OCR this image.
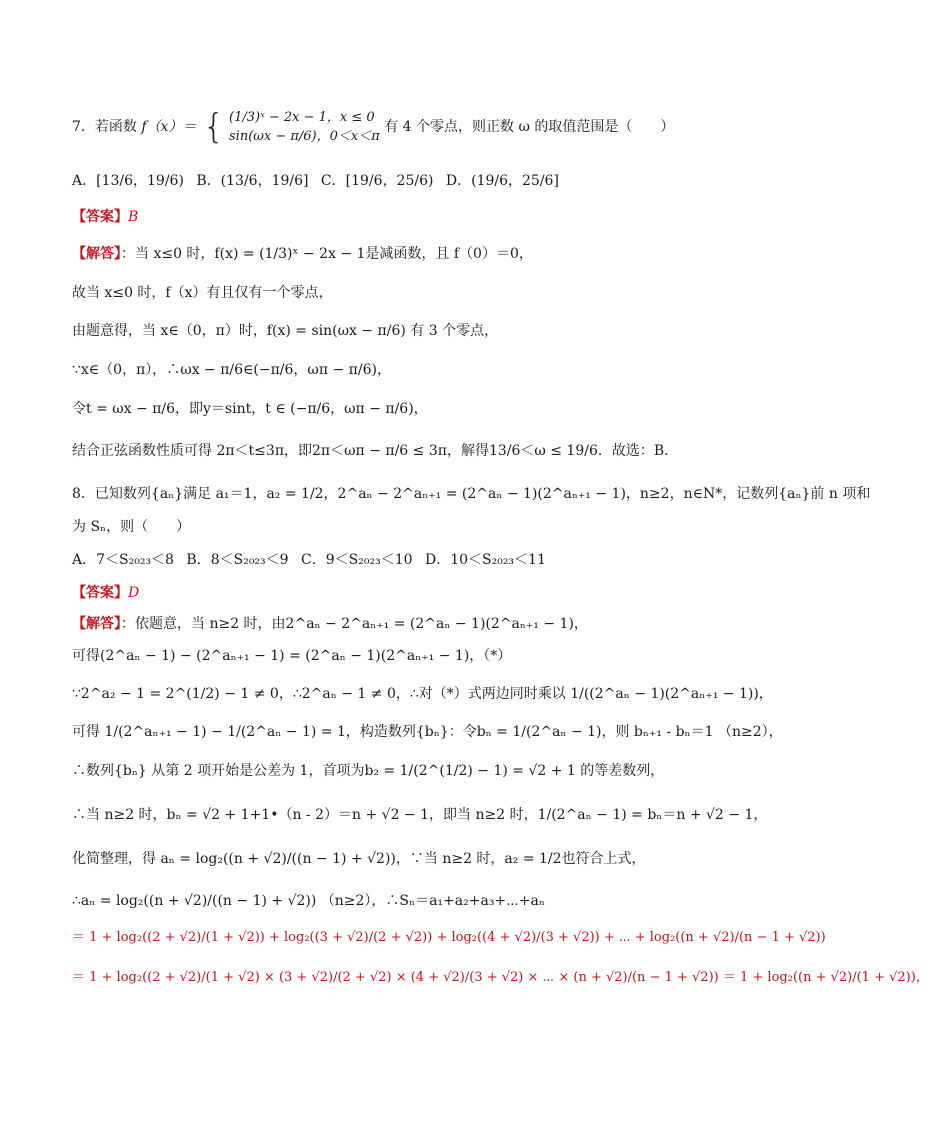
7．若函数 f（x）＝ { (1/3)ˣ − 2x − 1，x ≤ 0
sin(ωx − π/6)，0＜x＜π
有 4 个零点，则正数 ω 的取值范围是（　　）
A．[13/6，19/6) B．(13/6，19/6] C．[19/6，25/6) D．(19/6，25/6]
【答案】B
【解答】：当 x≤0 时，f(x) = (1/3)ˣ − 2x − 1是减函数，且 f（0）＝0，
故当 x≤0 时，f（x）有且仅有一个零点，
由题意得，当 x∈（0，π）时，f(x) = sin(ωx − π/6) 有 3 个零点，
∵x∈（0，π），∴ωx − π/6∈(−π/6，ωπ − π/6)，
令t = ωx − π/6，即y＝sint，t ∈ (−π/6，ωπ − π/6)，
结合正弦函数性质可得 2π＜t≤3π，即2π＜ωπ − π/6 ≤ 3π，解得13/6＜ω ≤ 19/6．故选：B．
8．已知数列{aₙ}满足 a₁＝1，a₂ = 1/2，2^aₙ − 2^aₙ₊₁ = (2^aₙ − 1)(2^aₙ₊₁ − 1)，n≥2，n∈N*，记数列{aₙ}前 n 项和
为 Sₙ，则（　　）
A．7＜S₂₀₂₃＜8 B．8＜S₂₀₂₃＜9 C．9＜S₂₀₂₃＜10 D．10＜S₂₀₂₃＜11
【答案】D
【解答】：依题意，当 n≥2 时，由2^aₙ − 2^aₙ₊₁ = (2^aₙ − 1)(2^aₙ₊₁ − 1)，
可得(2^aₙ − 1) − (2^aₙ₊₁ − 1) = (2^aₙ − 1)(2^aₙ₊₁ − 1)，（*）
∵2^a₂ − 1 = 2^(1/2) − 1 ≠ 0，∴2^aₙ − 1 ≠ 0，∴对（*）式两边同时乘以 1/((2^aₙ − 1)(2^aₙ₊₁ − 1))，
可得 1/(2^aₙ₊₁ − 1) − 1/(2^aₙ − 1) = 1，构造数列{bₙ}：令bₙ = 1/(2^aₙ − 1)，则 bₙ₊₁ - bₙ＝1 （n≥2），
∴数列{bₙ} 从第 2 项开始是公差为 1，首项为b₂ = 1/(2^(1/2) − 1) = √2 + 1 的等差数列，
∴当 n≥2 时，bₙ = √2 + 1+1•（n - 2）＝n + √2 − 1，即当 n≥2 时，1/(2^aₙ − 1) = bₙ＝n + √2 − 1，
化简整理，得 aₙ = log₂((n + √2)/((n − 1) + √2))，∵当 n≥2 时，a₂ = 1/2也符合上式，
∴aₙ = log₂((n + √2)/((n − 1) + √2)) （n≥2），∴Sₙ＝a₁+a₂+a₃+⋯+aₙ
＝ 1 + log₂((2 + √2)/(1 + √2)) + log₂((3 + √2)/(2 + √2)) + log₂((4 + √2)/(3 + √2)) + ⋯ + log₂((n + √2)/(n − 1 + √2))
＝ 1 + log₂((2 + √2)/(1 + √2) × (3 + √2)/(2 + √2) × (4 + √2)/(3 + √2) × ⋯ × (n + √2)/(n − 1 + √2)) ＝ 1 + log₂((n + √2)/(1 + √2))，
